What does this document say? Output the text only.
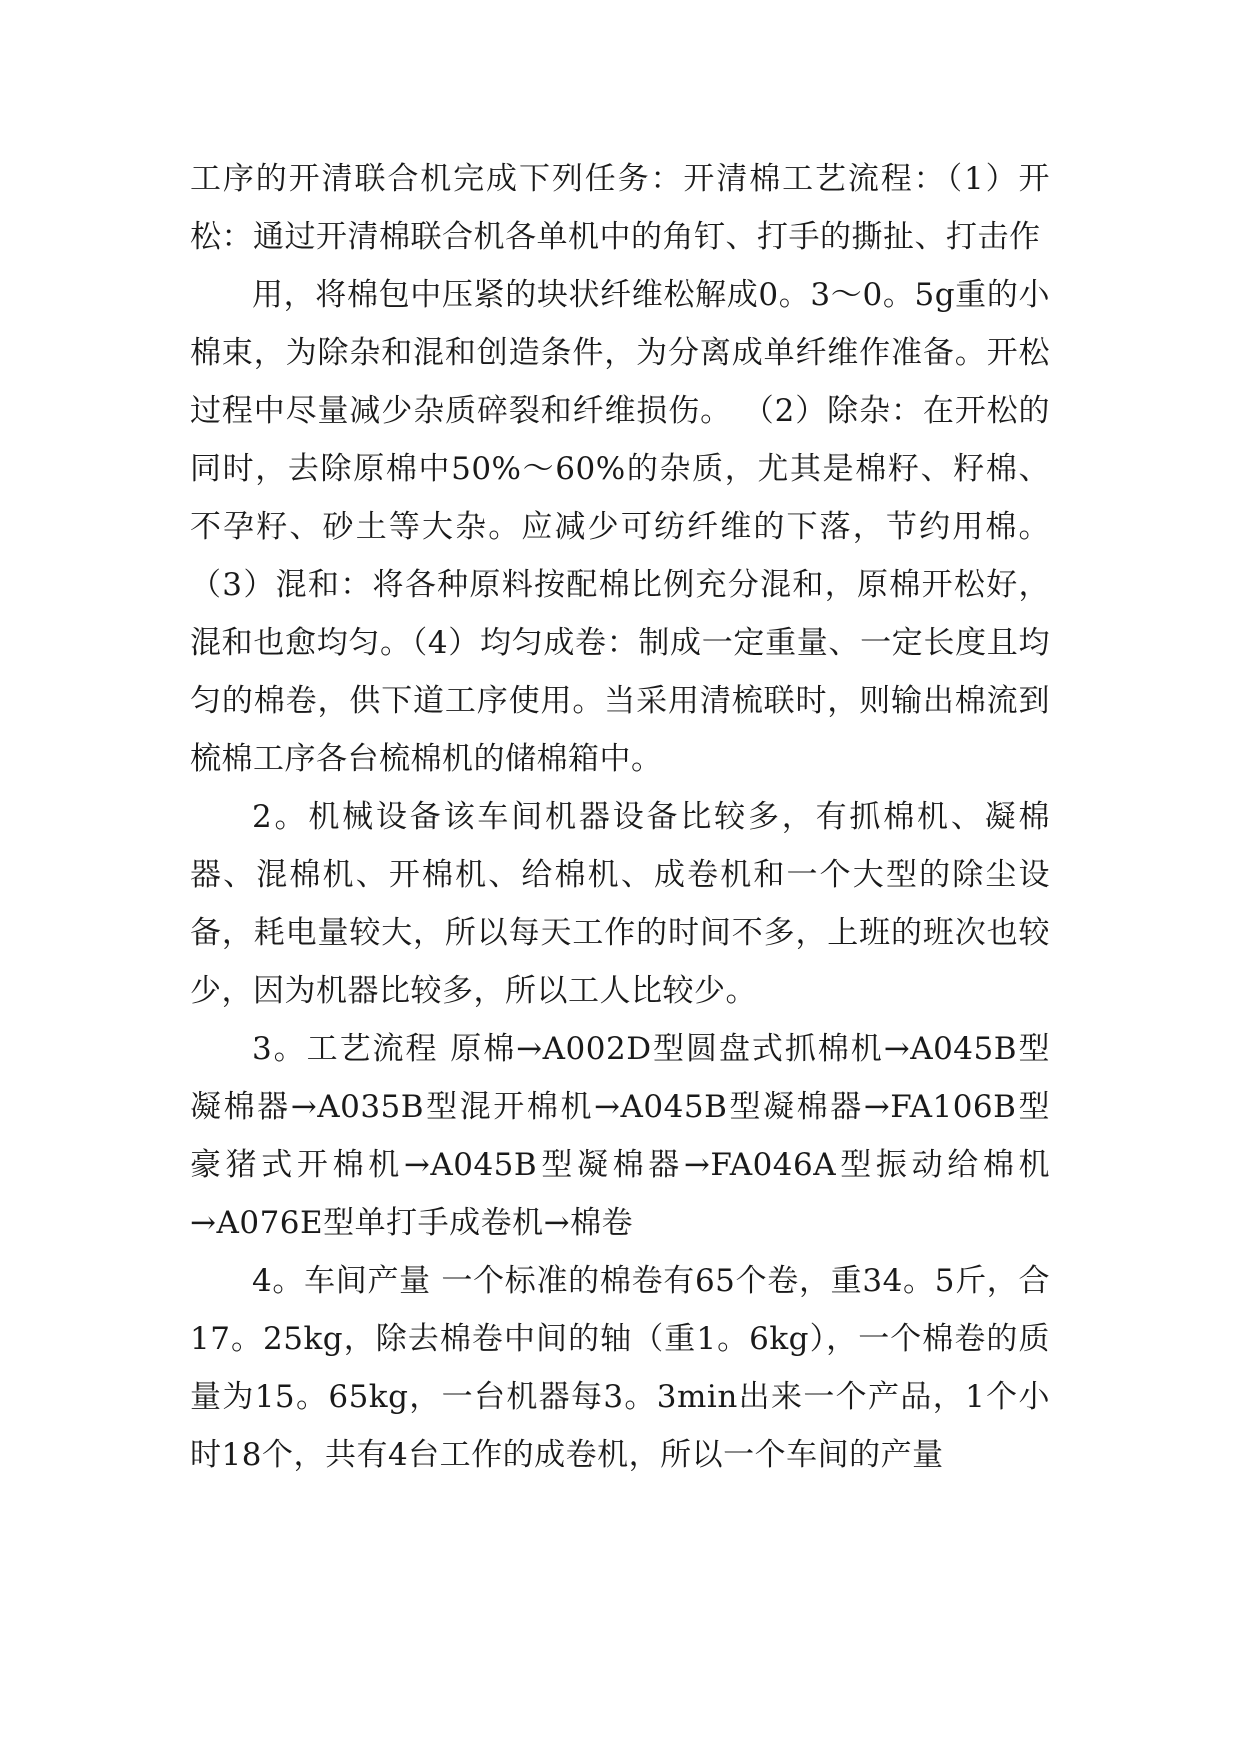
工序的开清联合机完成下列任务：开清棉工艺流程：（1）开松：通过开清棉联合机各单机中的角钉、打手的撕扯、打击作

用，将棉包中压紧的块状纤维松解成0。3～0。5g重的小棉束，为除杂和混和创造条件，为分离成单纤维作准备。开松过程中尽量减少杂质碎裂和纤维损伤。 （2）除杂：在开松的同时，去除原棉中50%～60%的杂质，尤其是棉籽、籽棉、不孕籽、砂土等大杂。应减少可纺纤维的下落，节约用棉。（3）混和：将各种原料按配棉比例充分混和，原棉开松好，混和也愈均匀。（4）均匀成卷：制成一定重量、一定长度且均匀的棉卷，供下道工序使用。当采用清梳联时，则输出棉流到梳棉工序各台梳棉机的储棉箱中。

2。机械设备该车间机器设备比较多，有抓棉机、凝棉器、混棉机、开棉机、给棉机、成卷机和一个大型的除尘设备，耗电量较大，所以每天工作的时间不多，上班的班次也较少，因为机器比较多，所以工人比较少。

3。工艺流程 原棉→A002D型圆盘式抓棉机→A045B型凝棉器→A035B型混开棉机→A045B型凝棉器→FA106B型豪猪式开棉机→A045B型凝棉器→FA046A型振动给棉机→A076E型单打手成卷机→棉卷

4。车间产量 一个标准的棉卷有65个卷，重34。5斤，合17。25kg，除去棉卷中间的轴（重1。6kg），一个棉卷的质量为15。65kg，一台机器每3。3min出来一个产品，1个小时18个，共有4台工作的成卷机，所以一个车间的产量
